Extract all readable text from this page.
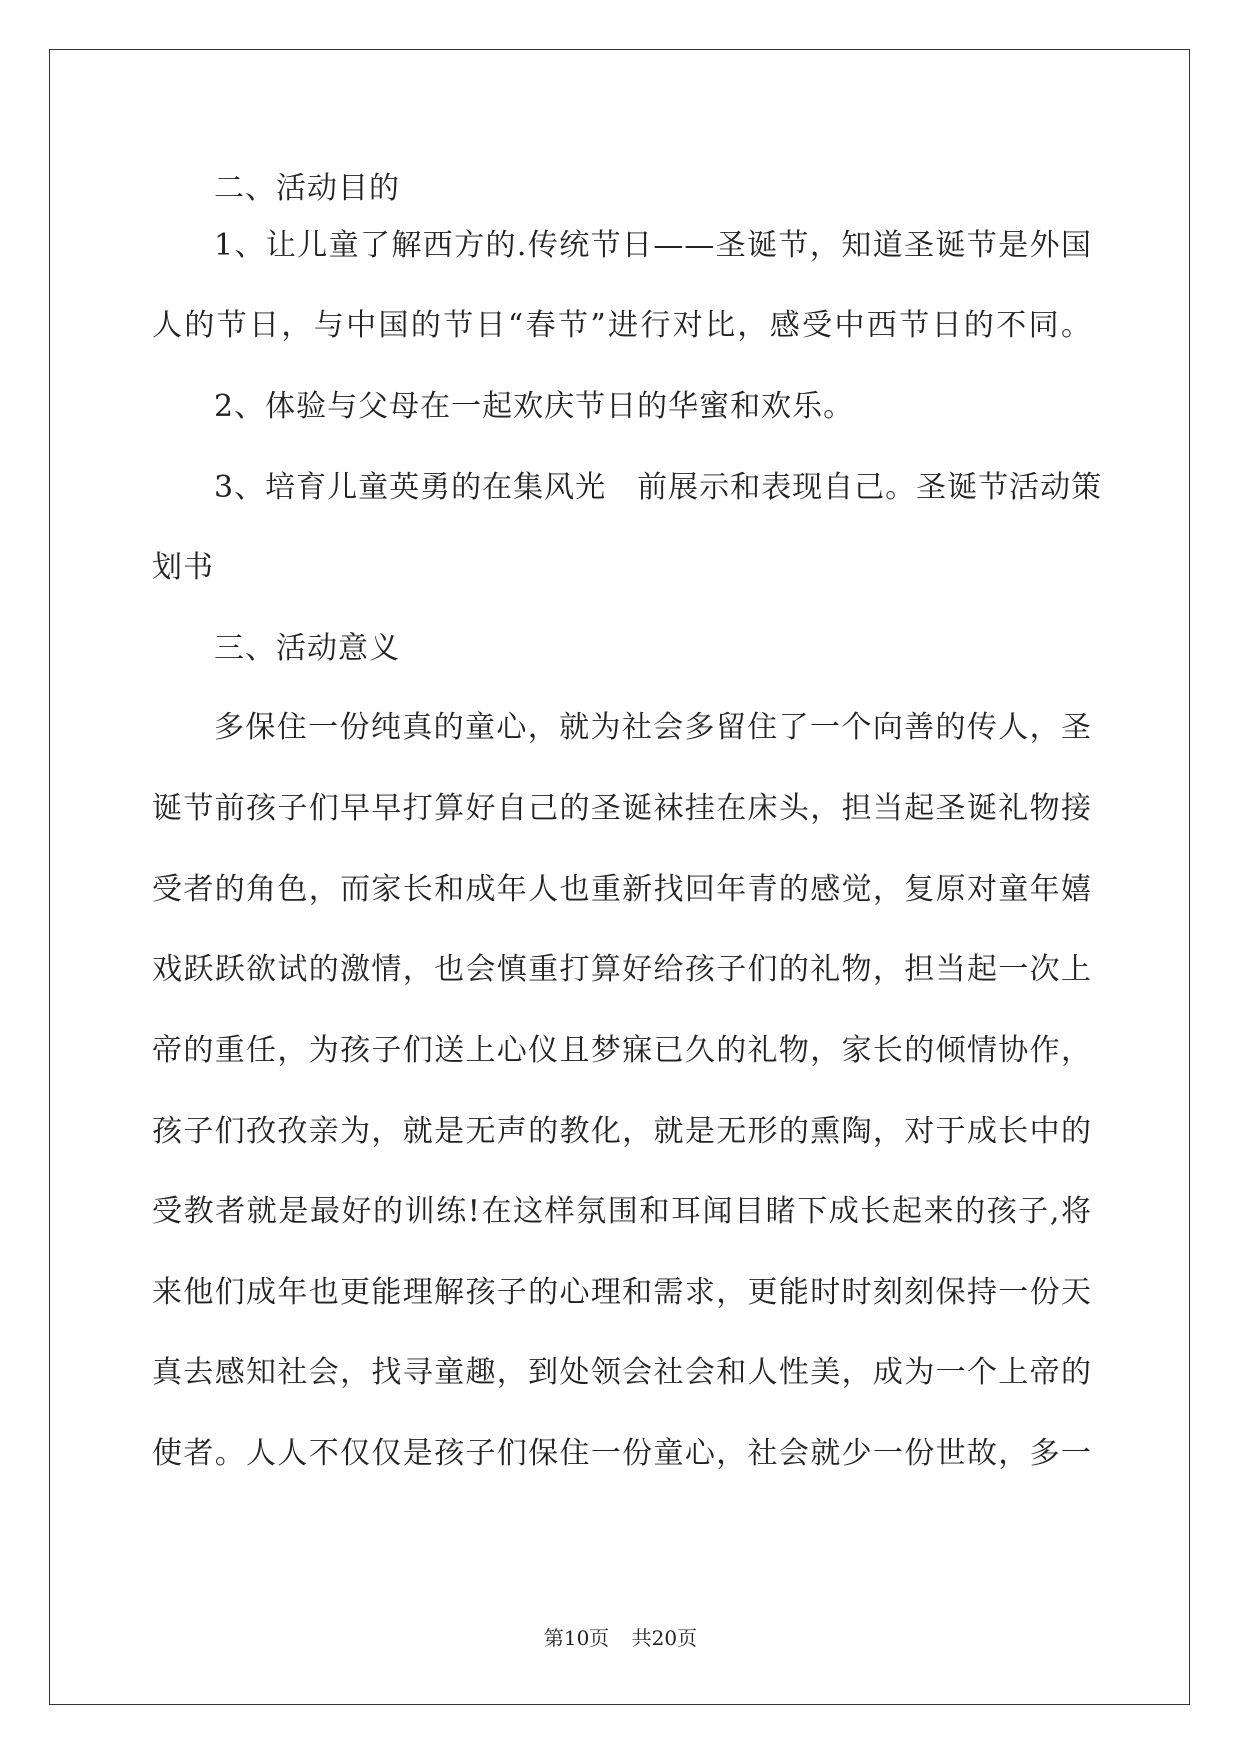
二、活动目的
1、让儿童了解西方的.传统节日——圣诞节，知道圣诞节是外国
人的节日，与中国的节日“春节”进行对比，感受中西节日的不同。
2、体验与父母在一起欢庆节日的华蜜和欢乐。
3、培育儿童英勇的在集风光　前展示和表现自己。圣诞节活动策
划书
三、活动意义
多保住一份纯真的童心，就为社会多留住了一个向善的传人，圣
诞节前孩子们早早打算好自己的圣诞袜挂在床头，担当起圣诞礼物接
受者的角色，而家长和成年人也重新找回年青的感觉，复原对童年嬉
戏跃跃欲试的激情，也会慎重打算好给孩子们的礼物，担当起一次上
帝的重任，为孩子们送上心仪且梦寐已久的礼物，家长的倾情协作，
孩子们孜孜亲为，就是无声的教化，就是无形的熏陶，对于成长中的
受教者就是最好的训练!在这样氛围和耳闻目睹下成长起来的孩子,将
来他们成年也更能理解孩子的心理和需求，更能时时刻刻保持一份天
真去感知社会，找寻童趣，到处领会社会和人性美，成为一个上帝的
使者。人人不仅仅是孩子们保住一份童心，社会就少一份世故，多一
第10页 共20页
